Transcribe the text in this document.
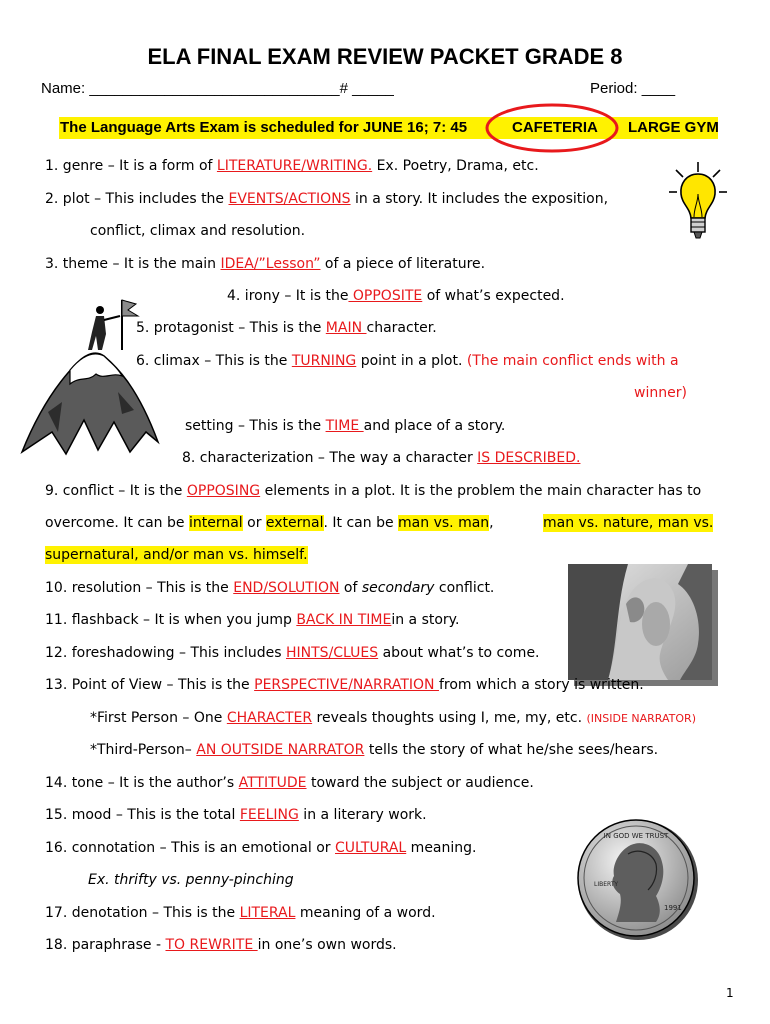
ELA FINAL EXAM REVIEW PACKET GRADE 8
Name: ______________________________# _____	Period: ____
The Language Arts Exam is scheduled for JUNE 16; 7: 45	CAFETERIA LARGE GYM
1. genre – It is a form of LITERATURE/WRITING. Ex. Poetry, Drama, etc.
2. plot – This includes the EVENTS/ACTIONS in a story. It includes the exposition,
conflict, climax and resolution.
3. theme – It is the main IDEA/”Lesson” of a piece of literature.
4. irony – It is the OPPOSITE of what’s expected.
5. protagonist – This is the MAIN character.
6. climax – This is the TURNING point in a plot. (The main conflict ends with a
winner)
setting – This is the TIME and place of a story.
8. characterization – The way a character IS DESCRIBED.
9. conflict – It is the OPPOSING elements in a plot. It is the problem the main character has to
overcome. It can be internal or external. It can be man vs. man,	man vs. nature, man vs.
supernatural, and/or man vs. himself.
10. resolution – This is the END/SOLUTION of secondary conflict.
11. flashback – It is when you jump BACK IN TIMEin a story.
12. foreshadowing – This includes HINTS/CLUES about what’s to come.
13. Point of View – This is the PERSPECTIVE/NARRATION from which a story is written.
*First Person – One CHARACTER reveals thoughts using I, me, my, etc. (INSIDE NARRATOR)
*Third-Person– AN OUTSIDE NARRATOR tells the story of what he/she sees/hears.
14. tone – It is the author’s ATTITUDE toward the subject or audience.
15. mood – This is the total FEELING in a literary work.
16. connotation – This is an emotional or CULTURAL meaning.
Ex. thrifty vs. penny-pinching
17. denotation – This is the LITERAL meaning of a word.
18. paraphrase - TO REWRITE in one’s own words.
IN GOD WE TRUST
LIBERTY
1991
1
